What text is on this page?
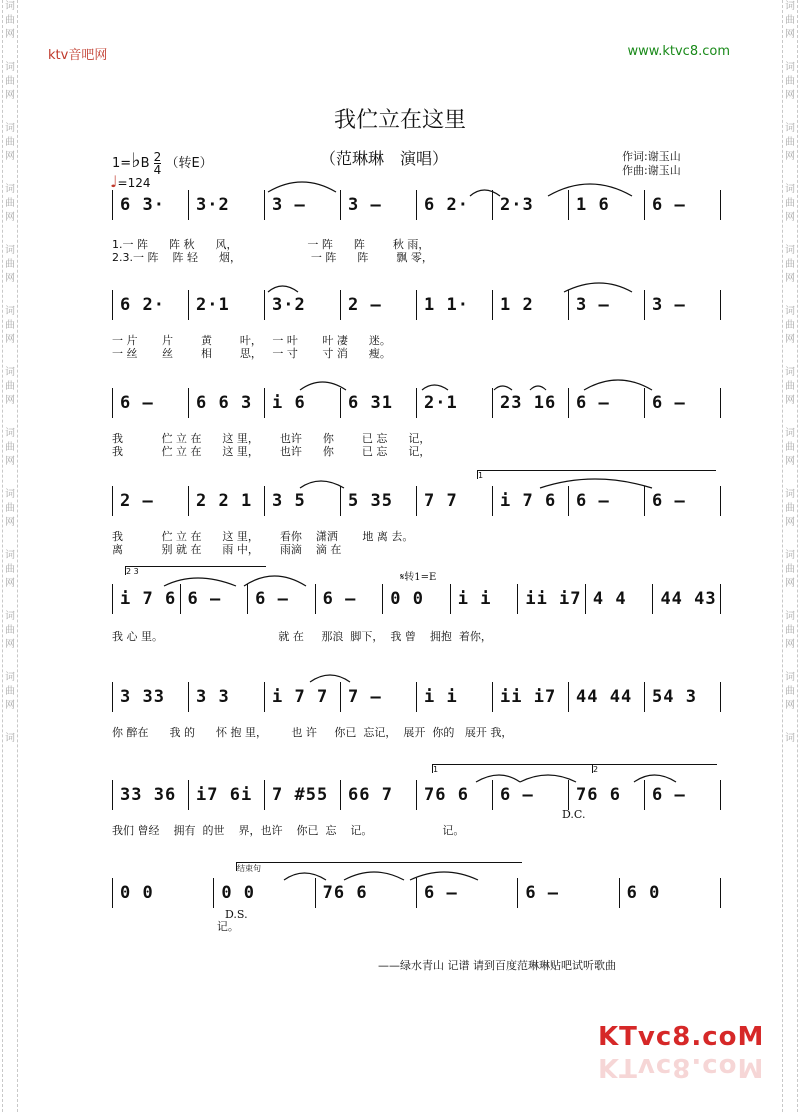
词
曲
网

词
曲
网

词
曲
网

词
曲
网

词
曲
网

词
曲
网

词
曲
网

词
曲
网

词
曲
网

词
曲
网

词
曲
网

词
曲
网

词
词
曲
网

词
曲
网

词
曲
网

词
曲
网

词
曲
网

词
曲
网

词
曲
网

词
曲
网

词
曲
网

词
曲
网

词
曲
网

词
曲
网

词
ktv音吧网	www.ktvc8.com
我伫立在这里
（范琳琳　演唱）	作词:谢玉山
作曲:谢玉山
1=♭B $\frac{2}{4}$ （转E）
♩=124
6 3· 3·2 3 – 3 – 6 2· 2·3 1 6 6 –
1.一 阵      阵 秋      风，                    一 阵      阵        秋 雨，
2.3.一 阵    阵 轻      烟，                    一 阵      阵        飘 零，
6 2· 2·1 3·2 2 – 1 1· 1 2 3 – 3 –
一 片       片        黄        叶，   一 叶       叶 凄      迷。
一 丝       丝        相        思，   一 寸       寸 消      瘦。
6 – 6 6 3 i 6 6 31 2·1 23 16 6 – 6 –
我           伫 立 在      这 里，      也许      你        已 忘      记，
我           伫 立 在      这 里，      也许      你        已 忘      记，
2 – 2 2 1 3 5 5 35 7 7 i 7 6 6 – 6 –
我           伫 立 在      这 里，      看你    潇洒       地 离 去。
离           别 就 在      雨 中，      雨滴    滴 在
i 7 6 6 – 6 – 6 – 0 0 i i ii i7 4 4 44 43
我 心 里。                                 就 在     那浪  脚下，  我 曾    拥抱  着你，
3 33 3 3 i 7 7 7 – i i ii i7 44 44 54 3
你 醉在      我 的      怀 抱 里，       也 许     你已  忘记，  展开  你的   展开 我，
33 36 i7 6i 7 #55 66 7 76 6 6 – 76 6 6 –
我们 曾经    拥有  的世    界，也许    你已  忘    记。                    记。
0 0	0 0	76 6	6 –	6 –	6 0
记。
D.S.
D.C.
𝄋转1=E
1
2 3
1	2
结束句
——绿水青山 记谱 请到百度范琳琳贴吧试听歌曲
KTvc8.coM
KTvc8.coM
